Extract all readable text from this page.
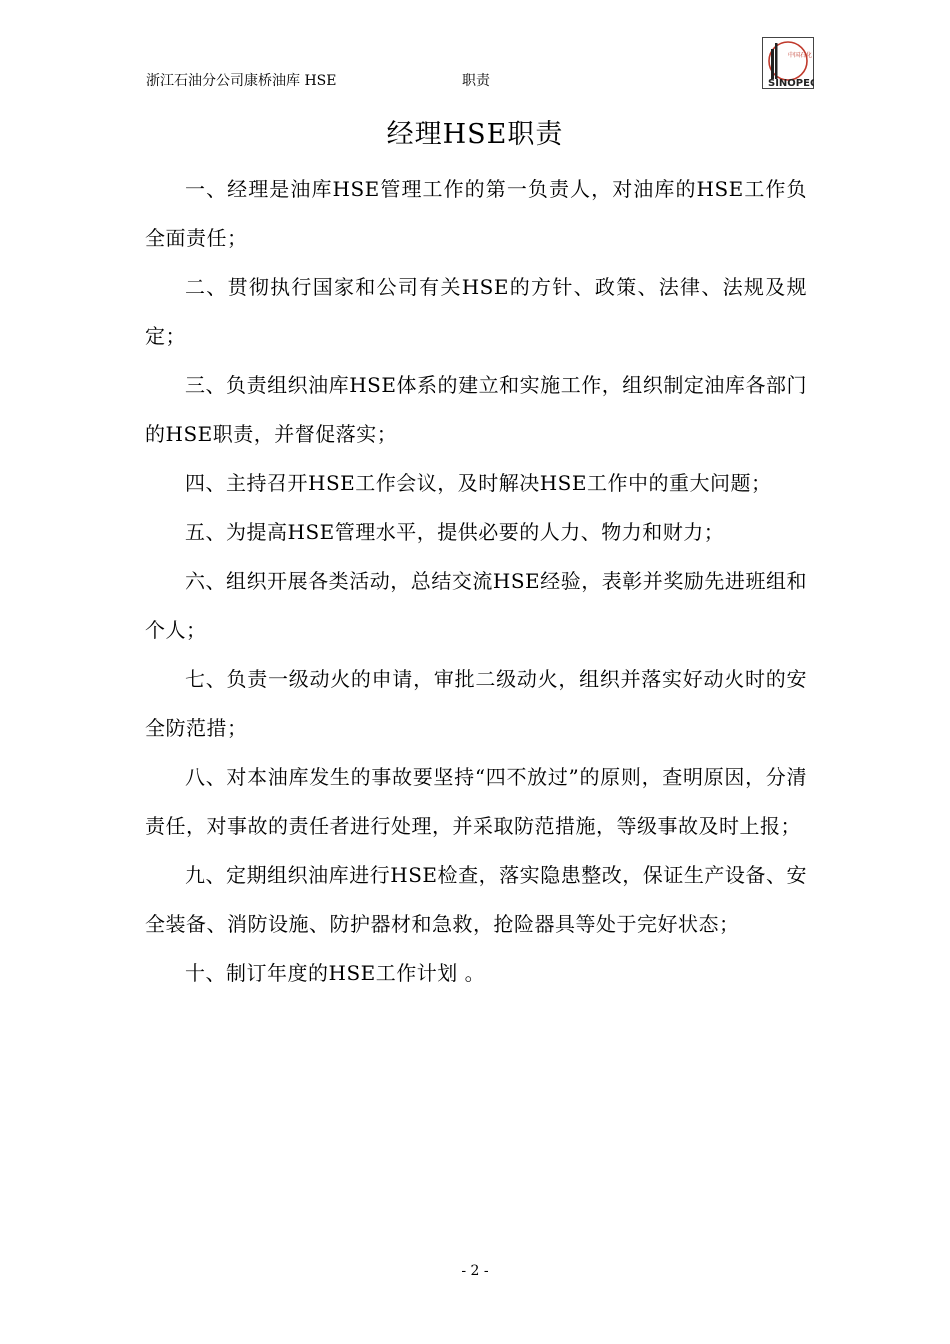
浙江石油分公司康桥油库 HSE	职责
中国石化
SINOPEC
经理HSE职责

一、经理是油库HSE管理工作的第一负责人，对油库的HSE工作负全面责任；

二、贯彻执行国家和公司有关HSE的方针、政策、法律、法规及规定；

三、负责组织油库HSE体系的建立和实施工作，组织制定油库各部门的HSE职责，并督促落实；

四、主持召开HSE工作会议，及时解决HSE工作中的重大问题；

五、为提高HSE管理水平，提供必要的人力、物力和财力；

六、组织开展各类活动，总结交流HSE经验，表彰并奖励先进班组和个人；

七、负责一级动火的申请，审批二级动火，组织并落实好动火时的安全防范措；

八、对本油库发生的事故要坚持“四不放过”的原则，查明原因，分清责任，对事故的责任者进行处理，并采取防范措施，等级事故及时上报；

九、定期组织油库进行HSE检查，落实隐患整改，保证生产设备、安全装备、消防设施、防护器材和急救，抢险器具等处于完好状态；

十、制订年度的HSE工作计划 。

- 2 -
